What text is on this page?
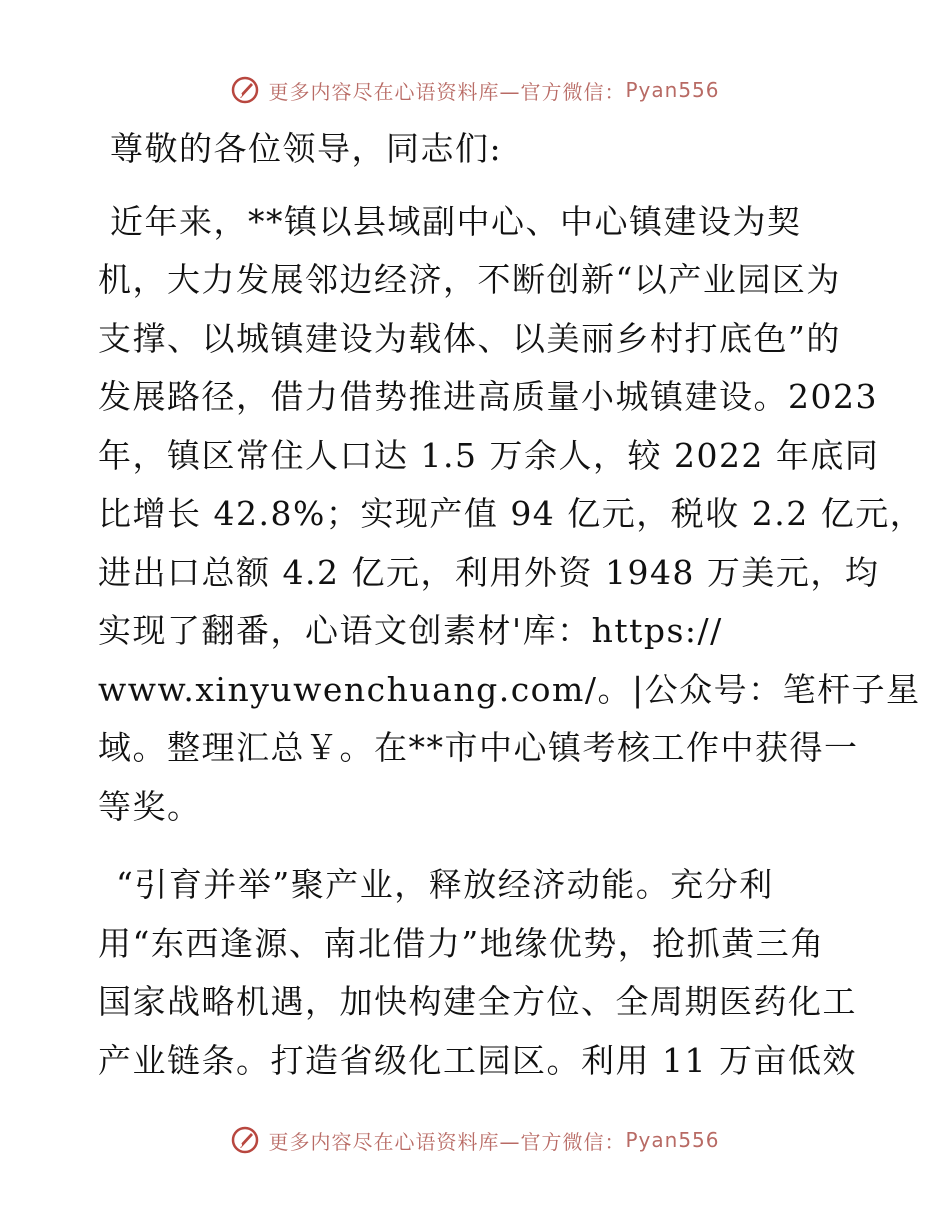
更多内容尽在心语资料库—官方微信： Pyan556

尊敬的各位领导，同志们:

近年来，**镇以县域副中心、中心镇建设为契
机，大力发展邻边经济，不断创新“以产业园区为
支撑、以城镇建设为载体、以美丽乡村打底色”的
发展路径，借力借势推进高质量小城镇建设。2023
年，镇区常住人口达 1.5 万余人，较 2022 年底同
比增长 42.8%；实现产值 94 亿元，税收 2.2 亿元，
进出口总额 4.2 亿元，利用外资 1948 万美元，均
实现了翻番，心语文创素材'库：https://
www.xinyuwenchuang.com/。|公众号：笔杆子星
域。整理汇总￥。在**市中心镇考核工作中获得一
等奖。
“引育并举”聚产业，释放经济动能。充分利
用“东西逢源、南北借力”地缘优势，抢抓黄三角
国家战略机遇，加快构建全方位、全周期医药化工
产业链条。打造省级化工园区。利用 11 万亩低效
更多内容尽在心语资料库—官方微信： Pyan556
